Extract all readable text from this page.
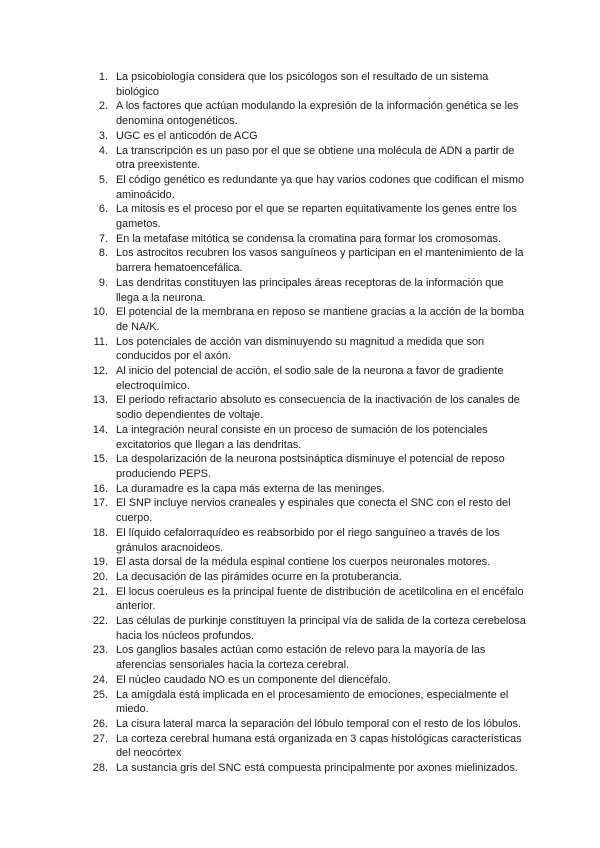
1. La psicobiología considera que los psicólogos son el resultado de un sistema biológico
2. A los factores que actúan modulando la expresión de la información genética se les denomina ontogenéticos.
3. UGC es el anticodón de ACG
4. La transcripción es un paso por el que se obtiene una molécula de ADN a partir de otra preexistente.
5. El código genético es redundante ya que hay varios codones que codifican el mismo aminoácido.
6. La mitosis es el proceso por el que se reparten equitativamente los genes entre los gametos.
7. En la metafase mitótica se condensa la cromatina para formar los cromosomas.
8. Los astrocitos recubren los vasos sanguíneos y participan en el mantenimiento de la barrera hematoencefálica.
9. Las dendritas constituyen las principales áreas receptoras de la información que llega a la neurona.
10. El potencial de la membrana en reposo se mantiene gracias a la acción de la bomba de NA/K.
11. Los potenciales de acción van disminuyendo su magnitud a medida que son conducidos por el axón.
12. Al inicio del potencial de acción, el sodio sale de la neurona a favor de gradiente electroquímico.
13. El periodo refractario absoluto es consecuencia de la inactivación de los canales de sodio dependientes de voltaje.
14. La integración neural consiste en un proceso de sumación de los potenciales excitatorios que llegan a las dendritas.
15. La despolarización de la neurona postsináptica disminuye el potencial de reposo produciendo PEPS.
16. La duramadre es la capa más externa de las meninges.
17. El SNP incluye nervios craneales y espinales que conecta el SNC con el resto del cuerpo.
18. El líquido cefalorraquídeo es reabsorbido por el riego sanguíneo a través de los gránulos aracnoideos.
19. El asta dorsal de la médula espinal contiene los cuerpos neuronales motores.
20. La decusación de las pirámides ocurre en la protuberancia.
21. El locus coeruleus es la principal fuente de distribución de acetilcolina en el encéfalo anterior.
22. Las células de purkinje constituyen la principal vía de salida de la corteza cerebelosa hacia los núcleos profundos.
23. Los ganglios basales actúan como estación de relevo para la mayoría de las aferencias sensoriales hacia la corteza cerebral.
24. El núcleo caudado NO es un componente del diencéfalo.
25. La amígdala está implicada en el procesamiento de emociones, especialmente el miedo.
26. La cisura lateral marca la separación del lóbulo temporal con el resto de los lóbulos.
27. La corteza cerebral humana está organizada en 3 capas histológicas características del neocórtex
28. La sustancia gris del SNC está compuesta principalmente por axones mielinizados.
